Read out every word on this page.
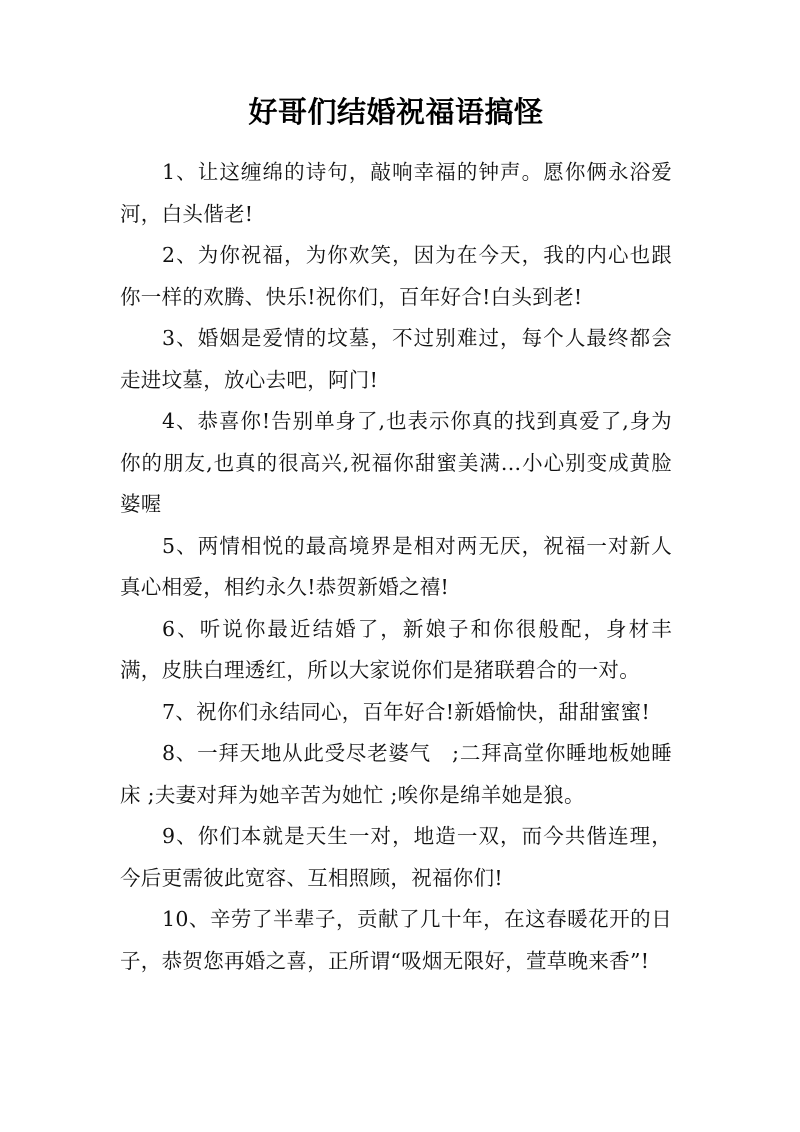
好哥们结婚祝福语搞怪

1、让这缠绵的诗句，敲响幸福的钟声。愿你俩永浴爱河，白头偕老!

2、为你祝福，为你欢笑，因为在今天，我的内心也跟你一样的欢腾、快乐!祝你们，百年好合!白头到老!

3、婚姻是爱情的坟墓，不过别难过，每个人最终都会走进坟墓，放心去吧，阿门!

4、恭喜你!告别单身了,也表示你真的找到真爱了,身为你的朋友,也真的很高兴,祝福你甜蜜美满...小心别变成黄脸婆喔

5、两情相悦的最高境界是相对两无厌，祝福一对新人真心相爱，相约永久!恭贺新婚之禧!

6、听说你最近结婚了，新娘子和你很般配，身材丰满，皮肤白理透红，所以大家说你们是猪联碧合的一对。

7、祝你们永结同心，百年好合!新婚愉快，甜甜蜜蜜!

8、一拜天地从此受尽老婆气　;二拜高堂你睡地板她睡床 ;夫妻对拜为她辛苦为她忙 ;唉你是绵羊她是狼。

9、你们本就是天生一对，地造一双，而今共偕连理，今后更需彼此宽容、互相照顾，祝福你们!

10、辛劳了半辈子，贡献了几十年，在这春暖花开的日子，恭贺您再婚之喜，正所谓“吸烟无限好，萱草晚来香”!
